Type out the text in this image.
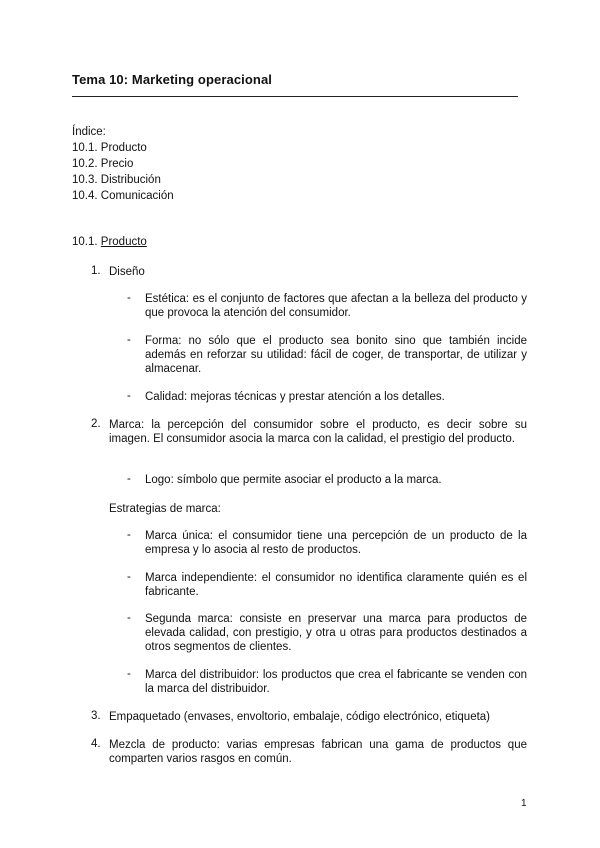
Tema 10: Marketing operacional
Índice:
10.1. Producto
10.2. Precio
10.3. Distribución
10.4. Comunicación
10.1. Producto
1. Diseño
- Estética: es el conjunto de factores que afectan a la belleza del producto y que provoca la atención del consumidor.
- Forma: no sólo que el producto sea bonito sino que también incide además en reforzar su utilidad: fácil de coger, de transportar, de utilizar y almacenar.
- Calidad: mejoras técnicas y prestar atención a los detalles.
2. Marca: la percepción del consumidor sobre el producto, es decir sobre su imagen. El consumidor asocia la marca con la calidad, el prestigio del producto.
- Logo: símbolo que permite asociar el producto a la marca.
Estrategias de marca:
- Marca única: el consumidor tiene una percepción de un producto de la empresa y lo asocia al resto de productos.
- Marca independiente: el consumidor no identifica claramente quién es el fabricante.
- Segunda marca: consiste en preservar una marca para productos de elevada calidad, con prestigio, y otra u otras para productos destinados a otros segmentos de clientes.
- Marca del distribuidor: los productos que crea el fabricante se venden con la marca del distribuidor.
3. Empaquetado (envases, envoltorio, embalaje, código electrónico, etiqueta)
4. Mezcla de producto: varias empresas fabrican una gama de productos que comparten varios rasgos en común.
1
